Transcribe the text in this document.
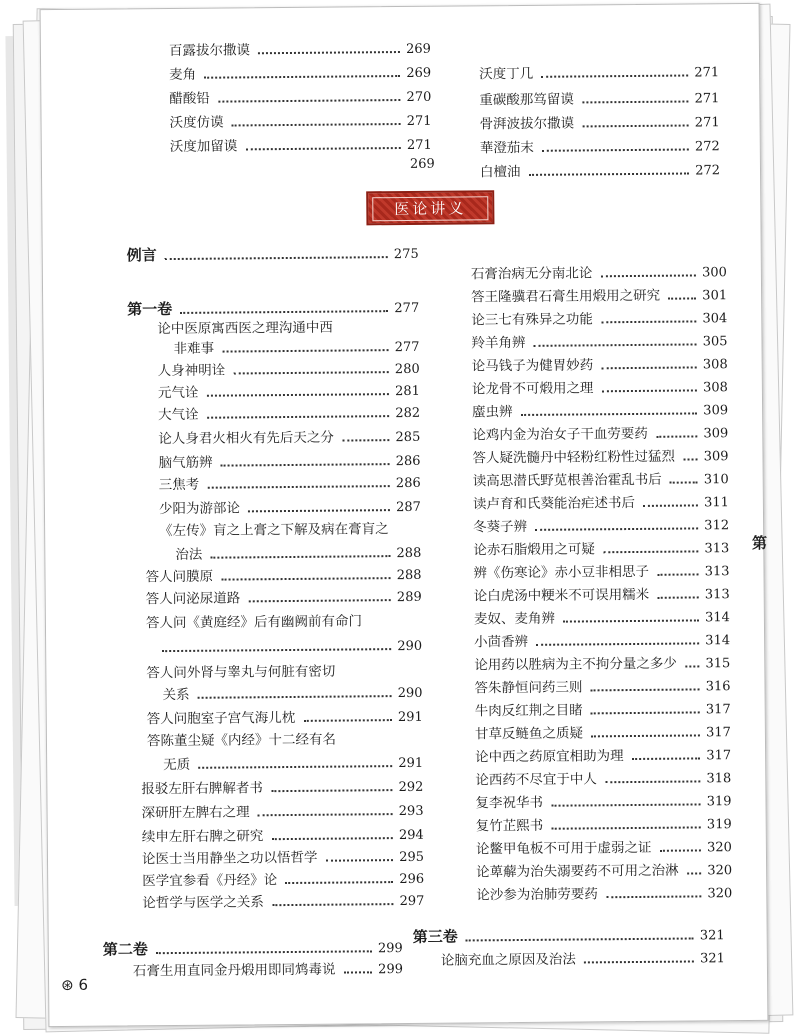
百露拔尔撒谟	269
麦角	269
醋酸铅	270
沃度仿谟	271
沃度加留谟	271
269
沃度丁几	271
重碳酸那笃留谟	271
骨湃波拔尔撒谟	271
華澄茄末	272
白檀油	272
医论讲义
例言	275
第一卷	277
论中医原寓西医之理沟通中西
非难事	277
人身神明诠	280
元气诠	281
大气诠	282
论人身君火相火有先后天之分	285
脑气筋辨	286
三焦考	286
少阳为游部论	287
《左传》肓之上膏之下解及病在膏肓之
治法	288
答人问膜原	288
答人问泌尿道路	289
答人问《黄庭经》后有幽阙前有命门
290
答人问外肾与睾丸与何脏有密切
关系	290
答人问胞室子宫气海儿枕	291
答陈董尘疑《内经》十二经有名
无质	291
报驳左肝右脾解者书	292
深研肝左脾右之理	293
续申左肝右脾之研究	294
论医士当用静坐之功以悟哲学	295
医学宜参看《丹经》论	296
论哲学与医学之关系	297
第二卷	299
石膏生用直同金丹煅用即同鸩毒说	299
石膏治病无分南北论	300
答王隆骥君石膏生用煅用之研究	301
论三七有殊异之功能	304
羚羊角辨	305
论马钱子为健胃妙药	308
论龙骨不可煅用之理	308
䗪虫辨	309
论鸡内金为治女子干血劳要药	309
答人疑洗髓丹中轻粉红粉性过猛烈 309
读高思潜氏野苋根善治霍乱书后	310
读卢育和氏葵能治疟述书后	311
冬葵子辨	312
论赤石脂煅用之可疑	313
辨《伤寒论》赤小豆非相思子	313
论白虎汤中粳米不可误用糯米	313
麦奴、麦角辨	314
小茴香辨	314
论用药以胜病为主不拘分量之多少 315
答朱静恒问药三则	316
牛肉反红荆之目睹	317
甘草反鲢鱼之质疑	317
论中西之药原宜相助为理	317
论西药不尽宜于中人	318
复李祝华书	319
复竹芷熙书	319
论鳖甲龟板不可用于虚弱之证	320
论萆薢为治失溺要药不可用之治淋 320
论沙参为治肺劳要药	320
第三卷	321
论脑充血之原因及治法	321
⊛ 6
第
